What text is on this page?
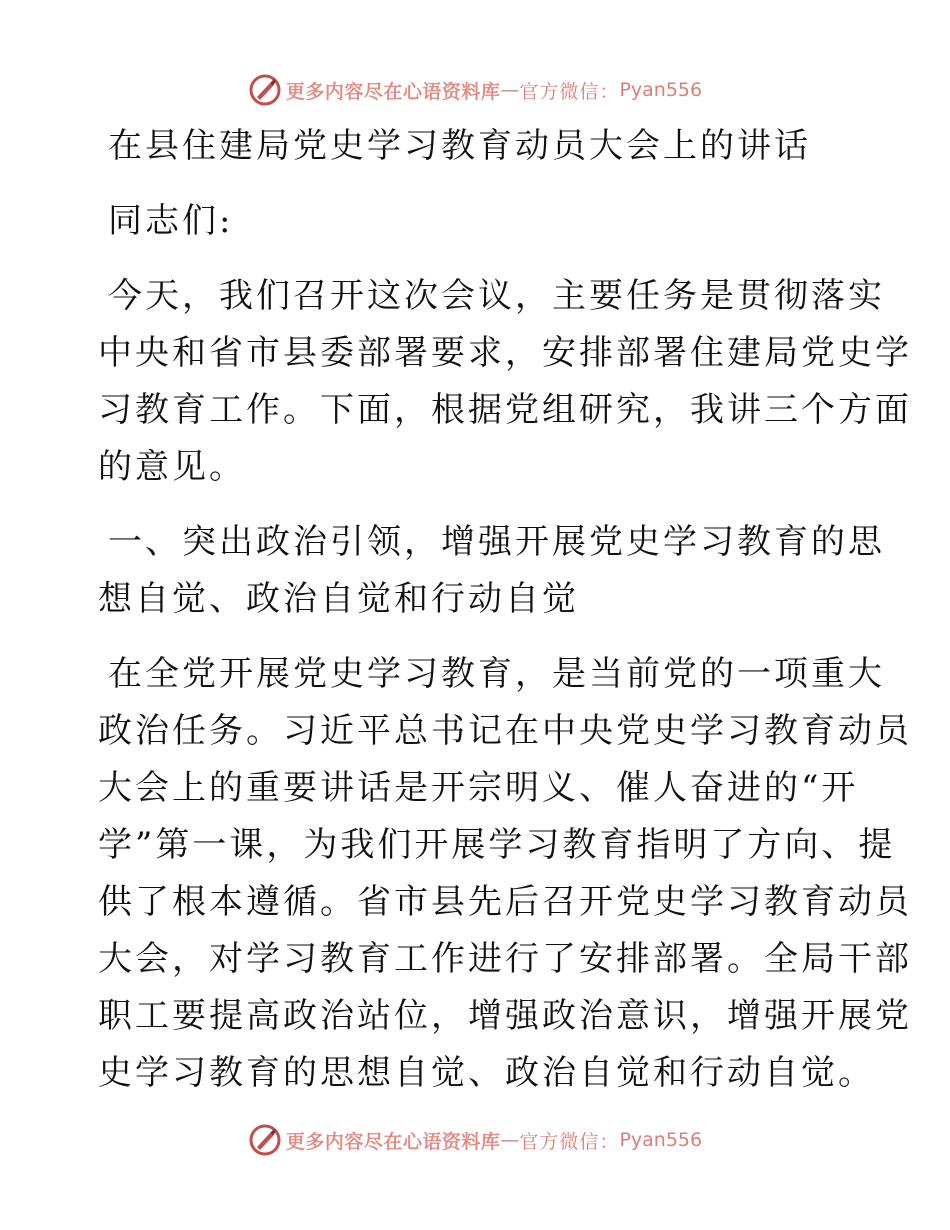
更多内容尽在心语资料库 — 官方微信： Pyan556
在县住建局党史学习教育动员大会上的讲话
同志们:
今天，我们召开这次会议，主要任务是贯彻落实
中央和省市县委部署要求，安排部署住建局党史学
习教育工作。下面，根据党组研究，我讲三个方面
的意见。
一、突出政治引领，增强开展党史学习教育的思
想自觉、政治自觉和行动自觉
在全党开展党史学习教育，是当前党的一项重大
政治任务。习近平总书记在中央党史学习教育动员
大会上的重要讲话是开宗明义、催人奋进的“开
学”第一课，为我们开展学习教育指明了方向、提
供了根本遵循。省市县先后召开党史学习教育动员
大会，对学习教育工作进行了安排部署。全局干部
职工要提高政治站位，增强政治意识，增强开展党
史学习教育的思想自觉、政治自觉和行动自觉。
更多内容尽在心语资料库 — 官方微信： Pyan556
